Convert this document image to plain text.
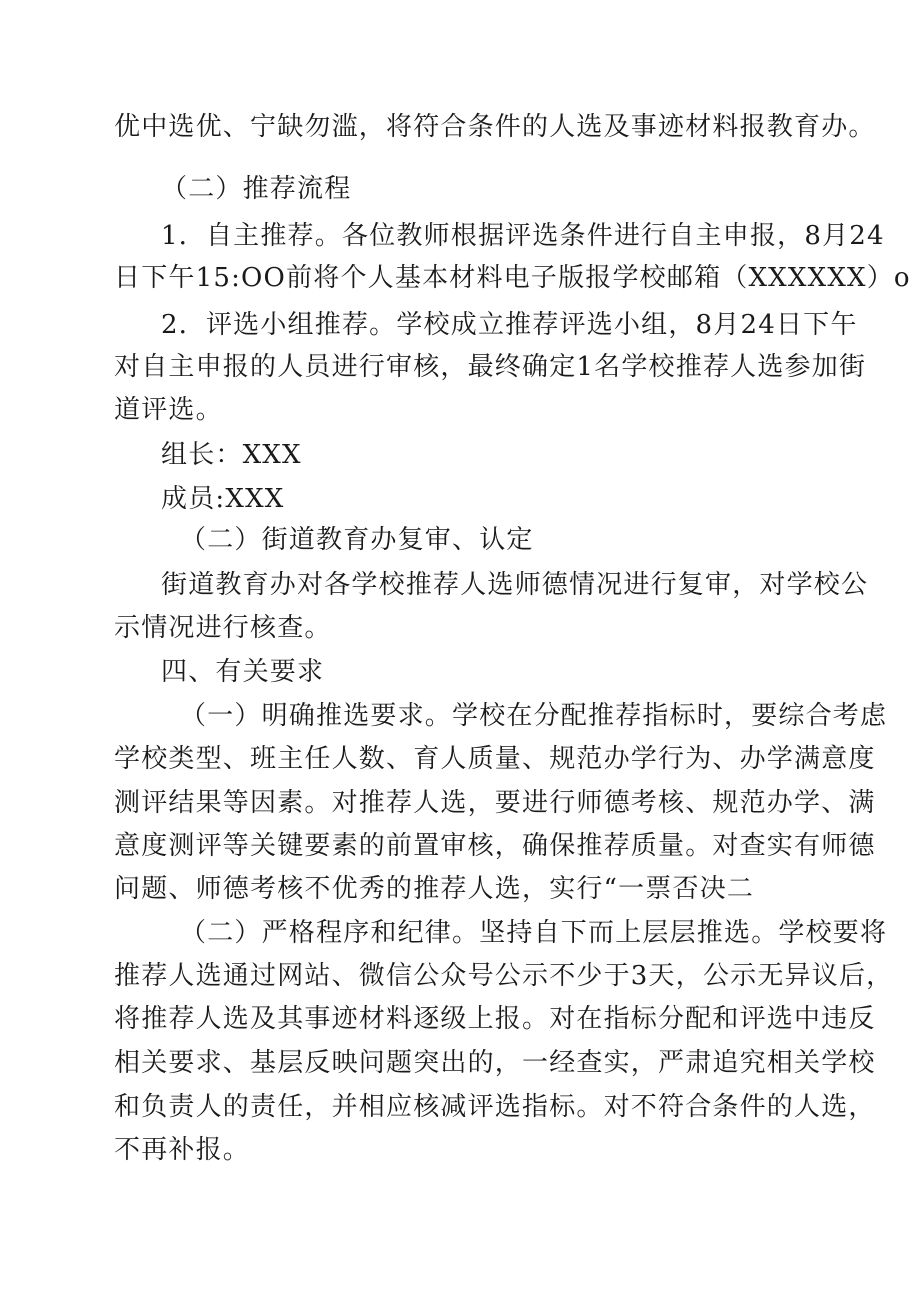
优中选优、宁缺勿滥，将符合条件的人选及事迹材料报教育办。
（二）推荐流程
1．自主推荐。各位教师根据评选条件进行自主申报，8月24
日下午15:OO前将个人基本材料电子版报学校邮箱（XXXXXX）o
2．评选小组推荐。学校成立推荐评选小组，8月24日下午
对自主申报的人员进行审核，最终确定1名学校推荐人选参加街
道评选。
组长：XXX
成员:XXX
（二）街道教育办复审、认定
街道教育办对各学校推荐人选师德情况进行复审，对学校公
示情况进行核查。
四、有关要求
（一）明确推选要求。学校在分配推荐指标时，要综合考虑
学校类型、班主任人数、育人质量、规范办学行为、办学满意度
测评结果等因素。对推荐人选，要进行师德考核、规范办学、满
意度测评等关键要素的前置审核，确保推荐质量。对查实有师德
问题、师德考核不优秀的推荐人选，实行“一票否决二
（二）严格程序和纪律。坚持自下而上层层推选。学校要将
推荐人选通过网站、微信公众号公示不少于3天，公示无异议后，
将推荐人选及其事迹材料逐级上报。对在指标分配和评选中违反
相关要求、基层反映问题突出的，一经查实，严肃追究相关学校
和负责人的责任，并相应核减评选指标。对不符合条件的人选，
不再补报。
